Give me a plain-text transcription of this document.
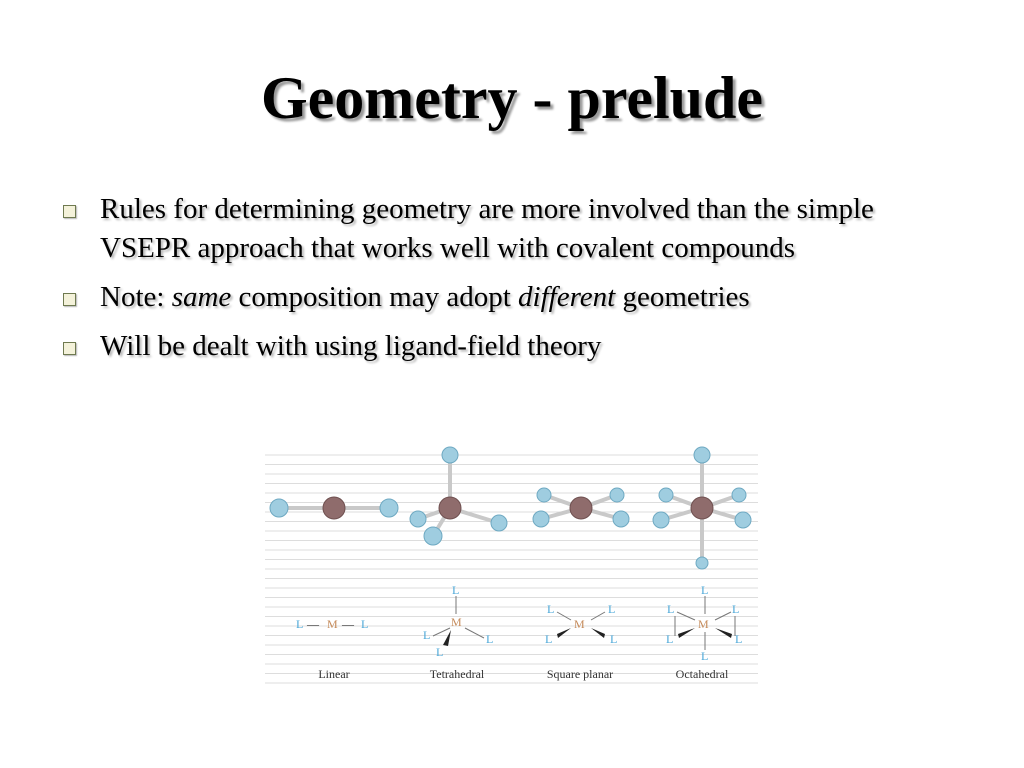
Geometry - prelude
Rules for determining geometry are more involved than the simple VSEPR approach that works well with covalent compounds
Note: same composition may adopt different geometries
Will be dealt with using ligand-field theory
L — M — L
L
M
L	L
L
L	L
M
L	L
L
L	L
M
L	L
L
Linear	Tetrahedral	Square planar	Octahedral
